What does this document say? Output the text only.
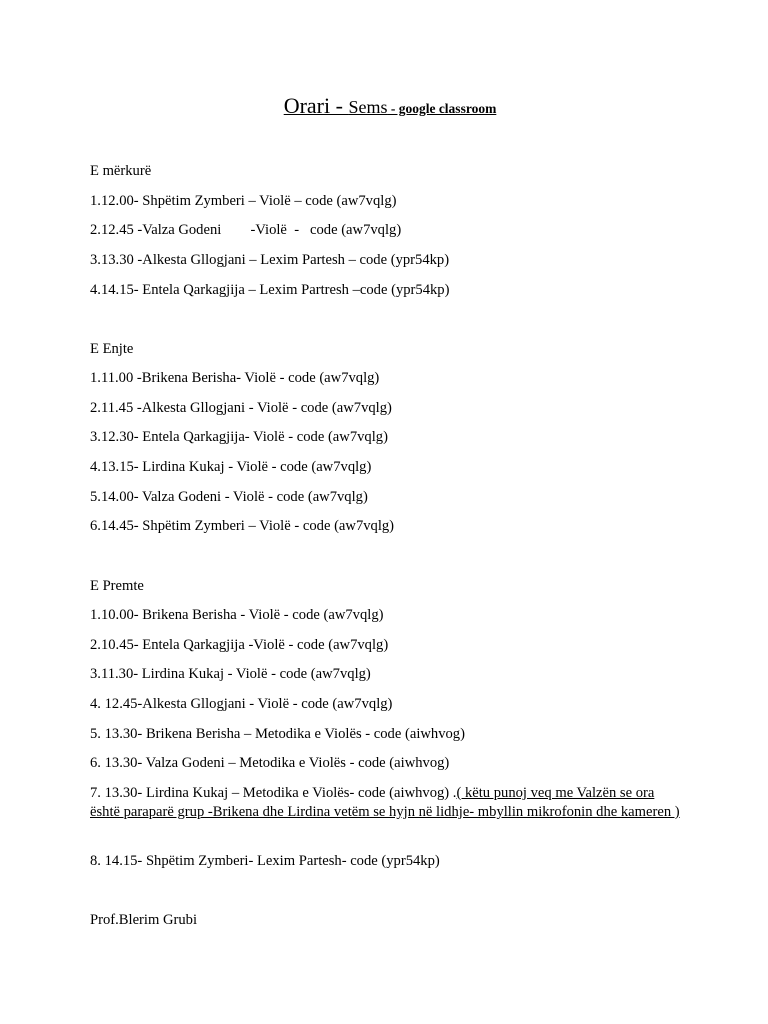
Orari - Sems - google classroom
E mërkurë
1.12.00- Shpëtim Zymberi – Violë – code (aw7vqlg)
2.12.45 -Valza Godeni        -Violë  -   code (aw7vqlg)
3.13.30 -Alkesta Gllogjani – Lexim Partesh – code (ypr54kp)
4.14.15- Entela Qarkagjija – Lexim Partresh –code (ypr54kp)
E Enjte
1.11.00 -Brikena Berisha- Violë - code (aw7vqlg)
2.11.45 -Alkesta Gllogjani - Violë - code (aw7vqlg)
3.12.30- Entela Qarkagjija- Violë - code (aw7vqlg)
4.13.15- Lirdina Kukaj - Violë - code (aw7vqlg)
5.14.00- Valza Godeni - Violë - code (aw7vqlg)
6.14.45- Shpëtim Zymberi – Violë - code (aw7vqlg)
E Premte
1.10.00- Brikena Berisha - Violë - code (aw7vqlg)
2.10.45- Entela Qarkagjija -Violë - code (aw7vqlg)
3.11.30- Lirdina Kukaj - Violë - code (aw7vqlg)
4. 12.45-Alkesta Gllogjani - Violë - code (aw7vqlg)
5. 13.30- Brikena Berisha – Metodika e Violës - code (aiwhvog)
6. 13.30- Valza Godeni – Metodika e Violës - code (aiwhvog)
7. 13.30- Lirdina Kukaj – Metodika e Violës- code (aiwhvog) .( këtu punoj veq me Valzën se ora është paraparë grup -Brikena dhe Lirdina vetëm se hyjn në lidhje- mbyllin mikrofonin dhe kameren )
8. 14.15- Shpëtim Zymberi- Lexim Partesh- code (ypr54kp)
Prof.Blerim Grubi
